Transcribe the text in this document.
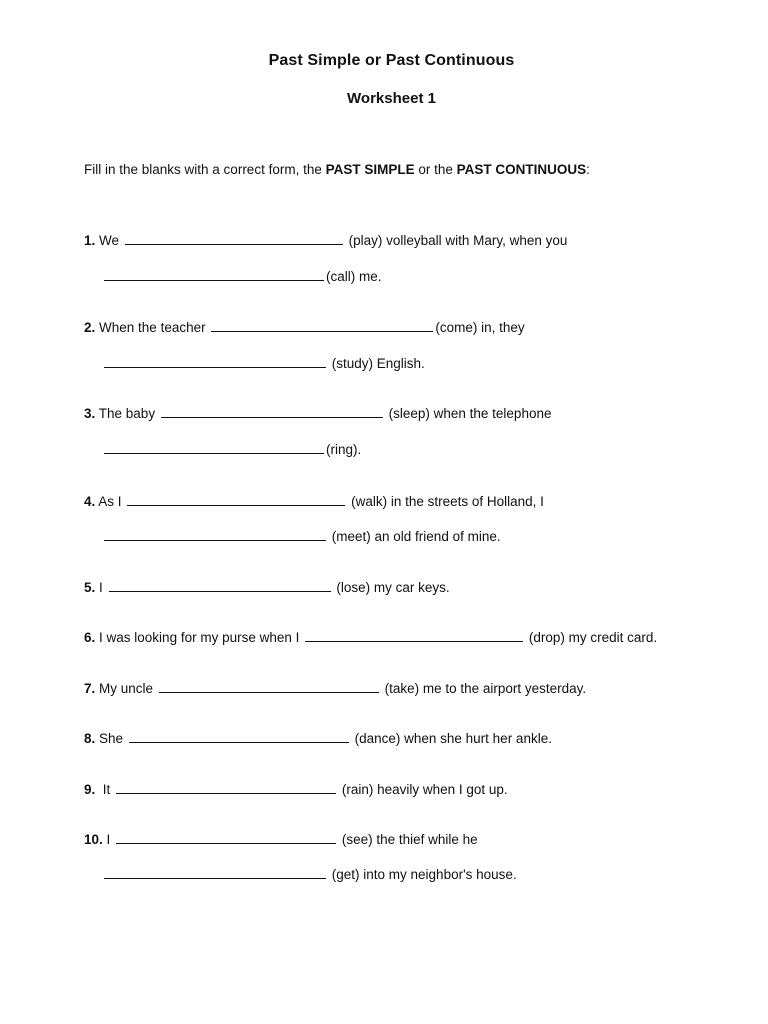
Past Simple or Past Continuous
Worksheet 1
Fill in the blanks with a correct form, the PAST SIMPLE or the PAST CONTINUOUS:
1. We	(play) volleyball with Mary, when you
(call) me.
2. When the teacher	(come) in, they
(study) English.
3. The baby	(sleep) when the telephone
(ring).
4. As I	(walk) in the streets of Holland, I
(meet) an old friend of mine.
5. I	(lose) my car keys.
6. I was looking for my purse when I	(drop) my credit card.
7. My uncle	(take) me to the airport yesterday.
8. She	(dance) when she hurt her ankle.
9. It	(rain) heavily when I got up.
10. I	(see) the thief while he
(get) into my neighbor's house.
